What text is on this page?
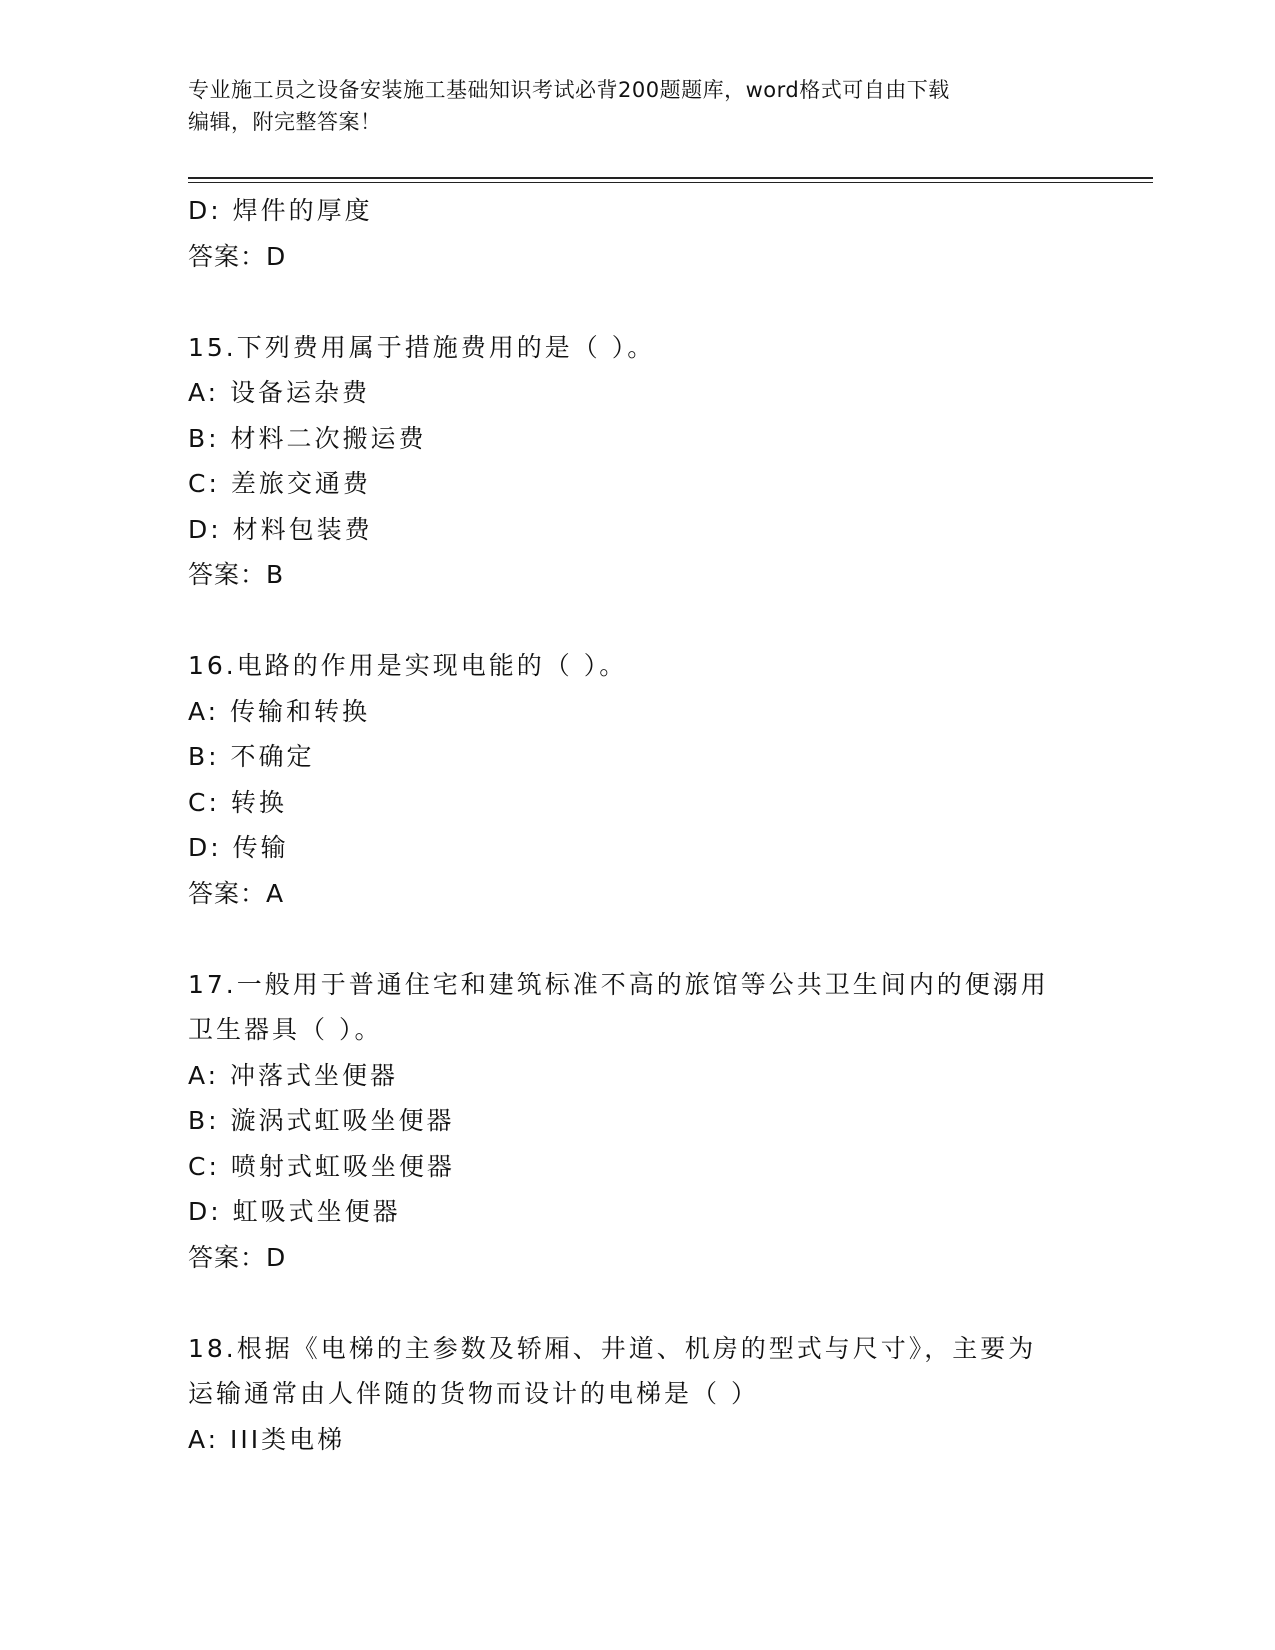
专业施工员之设备安装施工基础知识考试必背200题题库，word格式可自由下载
编辑，附完整答案！
D: 焊件的厚度
答案：D
15.下列费用属于措施费用的是（ ）。
A: 设备运杂费
B: 材料二次搬运费
C: 差旅交通费
D: 材料包装费
答案：B
16.电路的作用是实现电能的（ ）。
A: 传输和转换
B: 不确定
C: 转换
D: 传输
答案：A
17.一般用于普通住宅和建筑标准不高的旅馆等公共卫生间内的便溺用
卫生器具（ ）。
A: 冲落式坐便器
B: 漩涡式虹吸坐便器
C: 喷射式虹吸坐便器
D: 虹吸式坐便器
答案：D
18.根据《电梯的主参数及轿厢、井道、机房的型式与尺寸》，主要为
运输通常由人伴随的货物而设计的电梯是（ ）
A: III类电梯
